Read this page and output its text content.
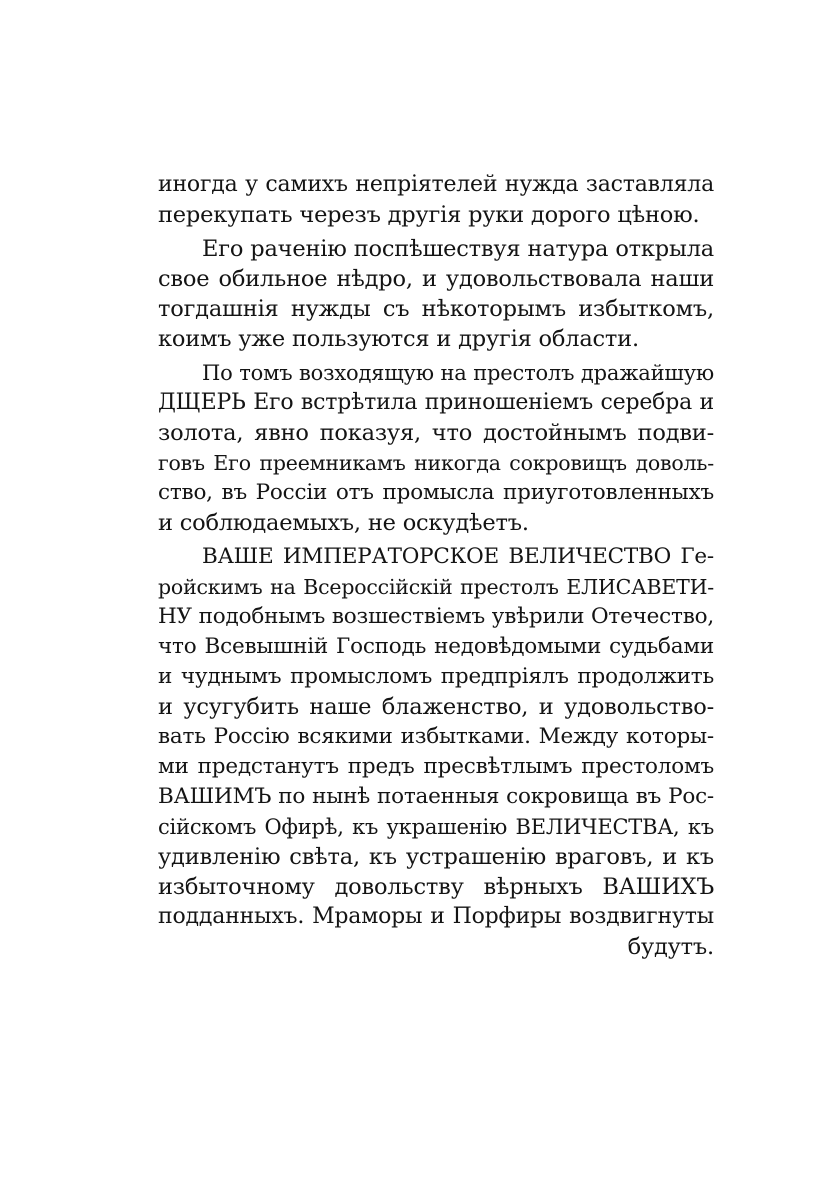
иногда у самихъ непріятелей нужда заставляла
перекупать черезъ другія руки дорого цѣною.
Его раченію поспѣшествуя натура открыла
свое обильное нѣдро, и удовольствовала наши
тогдашнія нужды съ нѣкоторымъ избыткомъ,
коимъ уже пользуются и другія области.
По томъ возходящую на престолъ дражайшую
ДЩЕРЬ Его встрѣтила приношеніемъ серебра и
золота, явно показуя, что достойнымъ подви-
говъ Его преемникамъ никогда сокровищъ доволь-
ство, въ Россіи отъ промысла приуготовленныхъ
и соблюдаемыхъ, не оскудѣетъ.
ВАШЕ ИМПЕРАТОРСКОЕ ВЕЛИЧЕСТВО Ге-
ройскимъ на Всероссійскій престолъ ЕЛИСАВЕТИ-
НУ подобнымъ возшествіемъ увѣрили Отечество,
что Всевышній Господь недовѣдомыми судьбами
и чуднымъ промысломъ предпріялъ продолжить
и усугубить наше блаженство, и удовольство-
вать Россію всякими избытками. Между которы-
ми предстанутъ предъ пресвѣтлымъ престоломъ
ВАШИМЪ по нынѣ потаенныя сокровища въ Рос-
сійскомъ Офирѣ, къ украшенію ВЕЛИЧЕСТВА, къ
удивленію свѣта, къ устрашенію враговъ, и къ
избыточному довольству вѣрныхъ ВАШИХЪ
подданныхъ. Мраморы и Порфиры воздвигнуты
будутъ.
